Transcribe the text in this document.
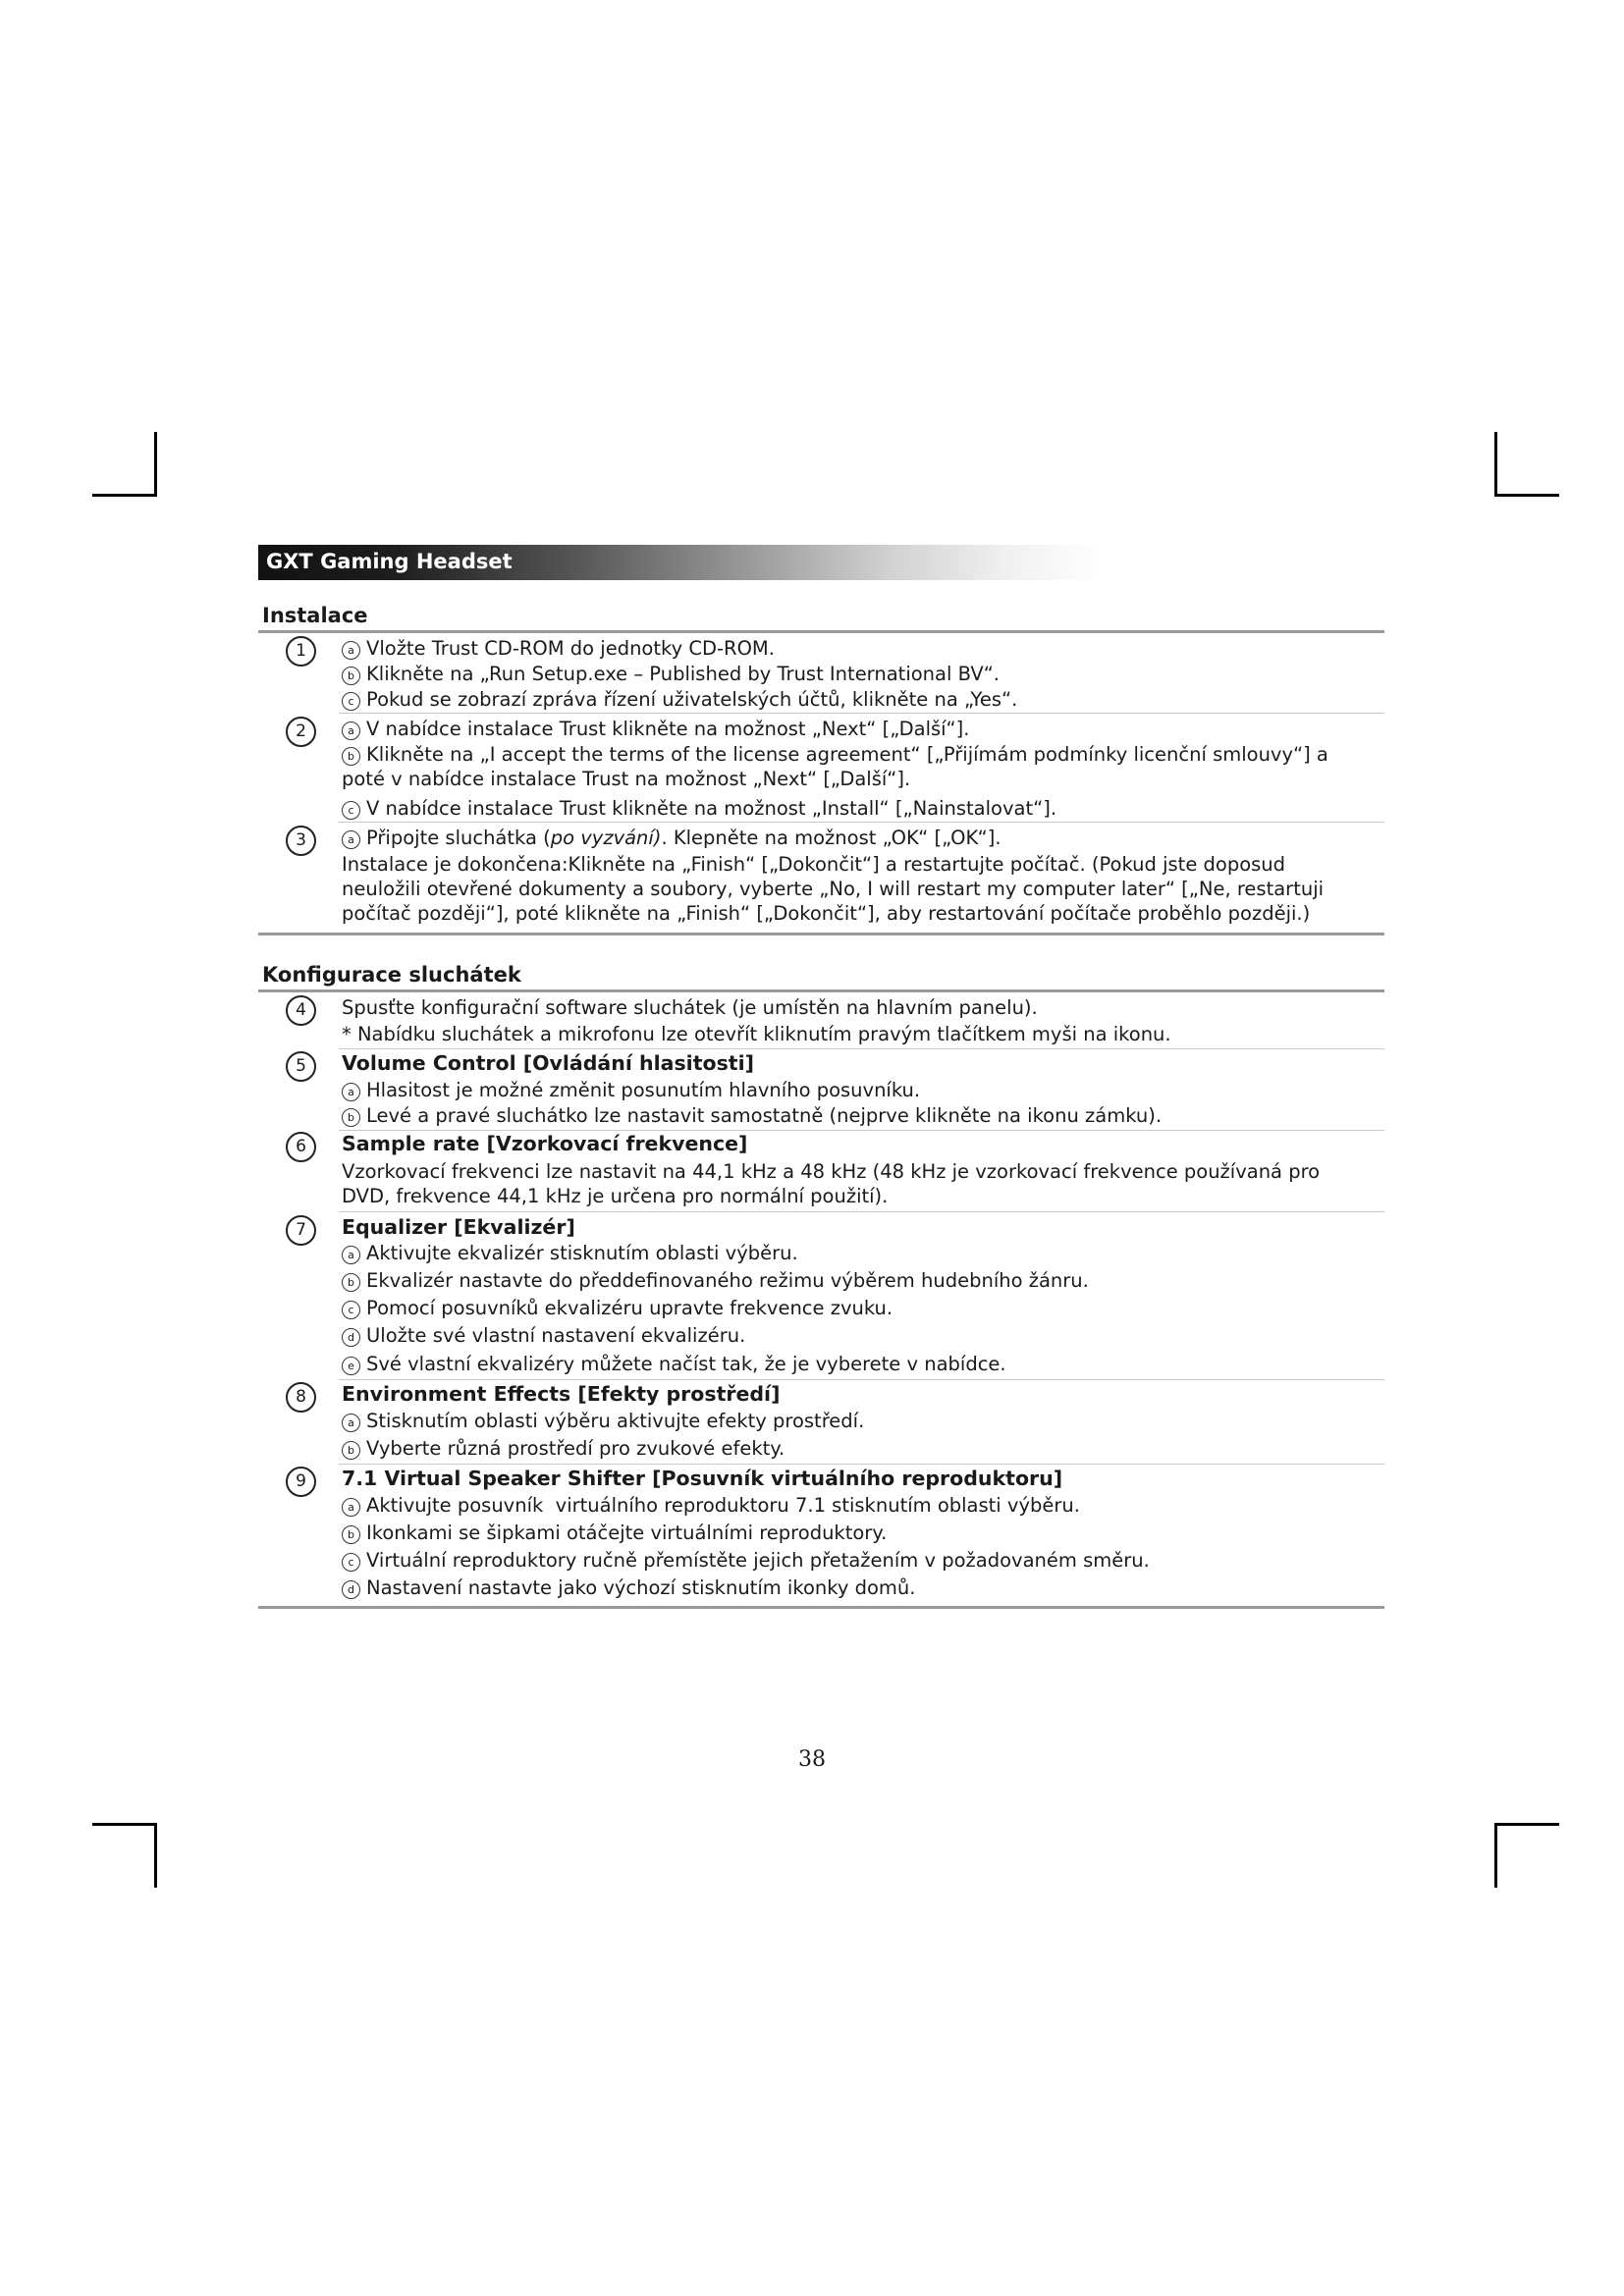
GXT Gaming Headset
Instalace
1	a Vložte Trust CD-ROM do jednotky CD-ROM.
b Klikněte na „Run Setup.exe – Published by Trust International BV“.
c Pokud se zobrazí zpráva řízení uživatelských účtů, klikněte na „Yes“.
2	a V nabídce instalace Trust klikněte na možnost „Next“ [„Další“].
b Klikněte na „I accept the terms of the license agreement“ [„Přijímám podmínky licenční smlouvy“] a poté v nabídce instalace Trust na možnost „Next“ [„Další“].
c V nabídce instalace Trust klikněte na možnost „Install“ [„Nainstalovat“].
3	a Připojte sluchátka (po vyzvání). Klepněte na možnost „OK“ [„OK“].
Instalace je dokončena:Klikněte na „Finish“ [„Dokončit“] a restartujte počítač. (Pokud jste doposud neuložili otevřené dokumenty a soubory, vyberte „No, I will restart my computer later“ [„Ne, restartuji počítač později“], poté klikněte na „Finish“ [„Dokončit“], aby restartování počítače proběhlo později.)
Konfigurace sluchátek
4	Spusťte konfigurační software sluchátek (je umístěn na hlavním panelu).
* Nabídku sluchátek a mikrofonu lze otevřít kliknutím pravým tlačítkem myši na ikonu.
5	Volume Control [Ovládání hlasitosti]
a Hlasitost je možné změnit posunutím hlavního posuvníku.
b Levé a pravé sluchátko lze nastavit samostatně (nejprve klikněte na ikonu zámku).
6	Sample rate [Vzorkovací frekvence]
Vzorkovací frekvenci lze nastavit na 44,1 kHz a 48 kHz (48 kHz je vzorkovací frekvence používaná pro DVD, frekvence 44,1 kHz je určena pro normální použití).
7	Equalizer [Ekvalizér]
a Aktivujte ekvalizér stisknutím oblasti výběru.
b Ekvalizér nastavte do předdefinovaného režimu výběrem hudebního žánru.
c Pomocí posuvníků ekvalizéru upravte frekvence zvuku.
d Uložte své vlastní nastavení ekvalizéru.
e Své vlastní ekvalizéry můžete načíst tak, že je vyberete v nabídce.
8	Environment Effects [Efekty prostředí]
a Stisknutím oblasti výběru aktivujte efekty prostředí.
b Vyberte různá prostředí pro zvukové efekty.
9	7.1 Virtual Speaker Shifter [Posuvník virtuálního reproduktoru]
a Aktivujte posuvník  virtuálního reproduktoru 7.1 stisknutím oblasti výběru.
b Ikonkami se šipkami otáčejte virtuálními reproduktory.
c Virtuální reproduktory ručně přemístěte jejich přetažením v požadovaném směru.
d Nastavení nastavte jako výchozí stisknutím ikonky domů.
38
